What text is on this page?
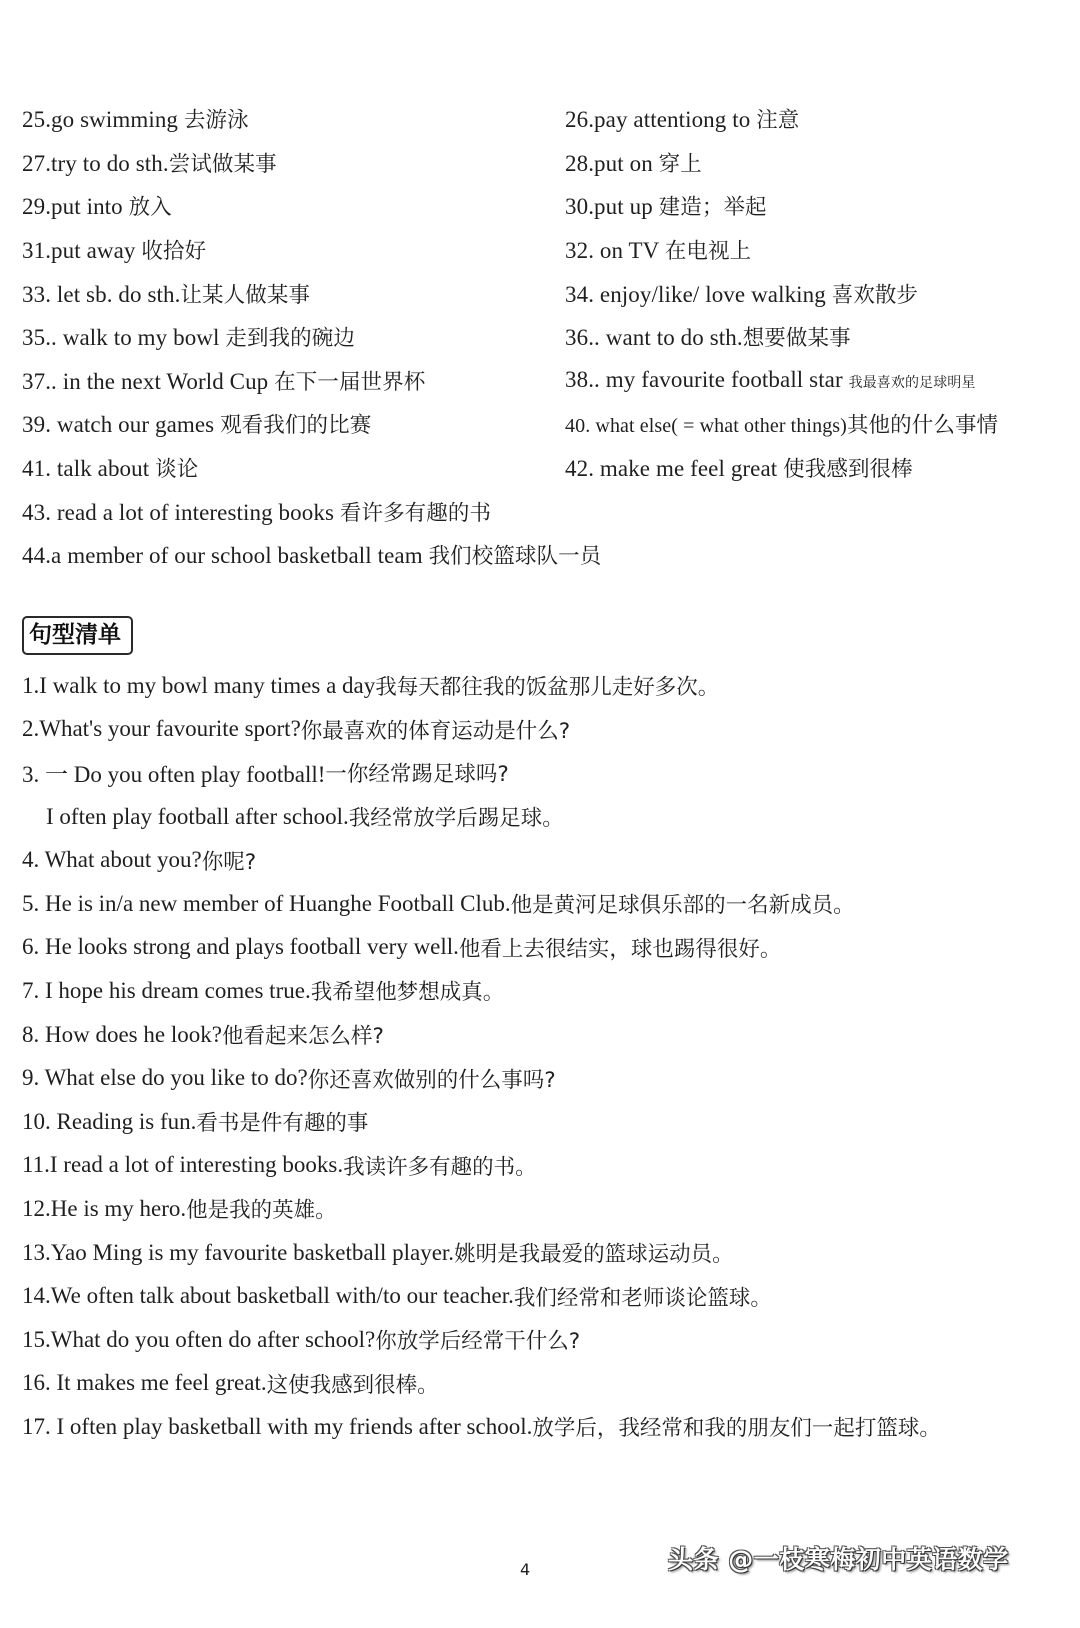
25.go swimming 去游泳	26.pay attentiong to 注意
27.try to do sth.尝试做某事	28.put on 穿上
29.put into 放入	30.put up 建造；举起
31.put away 收拾好	32. on TV 在电视上
33. let sb. do sth.让某人做某事	34. enjoy/like/ love walking 喜欢散步
35.. walk to my bowl 走到我的碗边	36.. want to do sth.想要做某事
37.. in the next World Cup 在下一届世界杯	38.. my favourite football star 我最喜欢的足球明星
39. watch our games 观看我们的比赛	40. what else( = what other things)其他的什么事情
41. talk about 谈论	42. make me feel great 使我感到很棒
43. read a lot of interesting books 看许多有趣的书
44.a member of our school basketball team 我们校篮球队一员
句型清单
1.I walk to my bowl many times a day 我每天都往我的饭盆那儿走好多次。
2.What's your favourite sport? 你最喜欢的体育运动是什么?
3. 一 Do you often play football! 一你经常踢足球吗?
I often play football after school. 我经常放学后踢足球。
4. What about you? 你呢?
5. He is in/a new member of Huanghe Football Club. 他是黄河足球俱乐部的一名新成员。
6. He looks strong and plays football very well. 他看上去很结实，球也踢得很好。
7. I hope his dream comes true. 我希望他梦想成真。
8. How does he look? 他看起来怎么样?
9. What else do you like to do? 你还喜欢做别的什么事吗?
10. Reading is fun. 看书是件有趣的事
11.I read a lot of interesting books. 我读许多有趣的书。
12.He is my hero. 他是我的英雄。
13.Yao Ming is my favourite basketball player. 姚明是我最爱的篮球运动员。
14.We often talk about basketball with/to our teacher. 我们经常和老师谈论篮球。
15.What do you often do after school? 你放学后经常干什么?
16. It makes me feel great. 这使我感到很棒。
17. I often play basketball with my friends after school. 放学后，我经常和我的朋友们一起打篮球。
4	头条 @一枝寒梅初中英语数学
